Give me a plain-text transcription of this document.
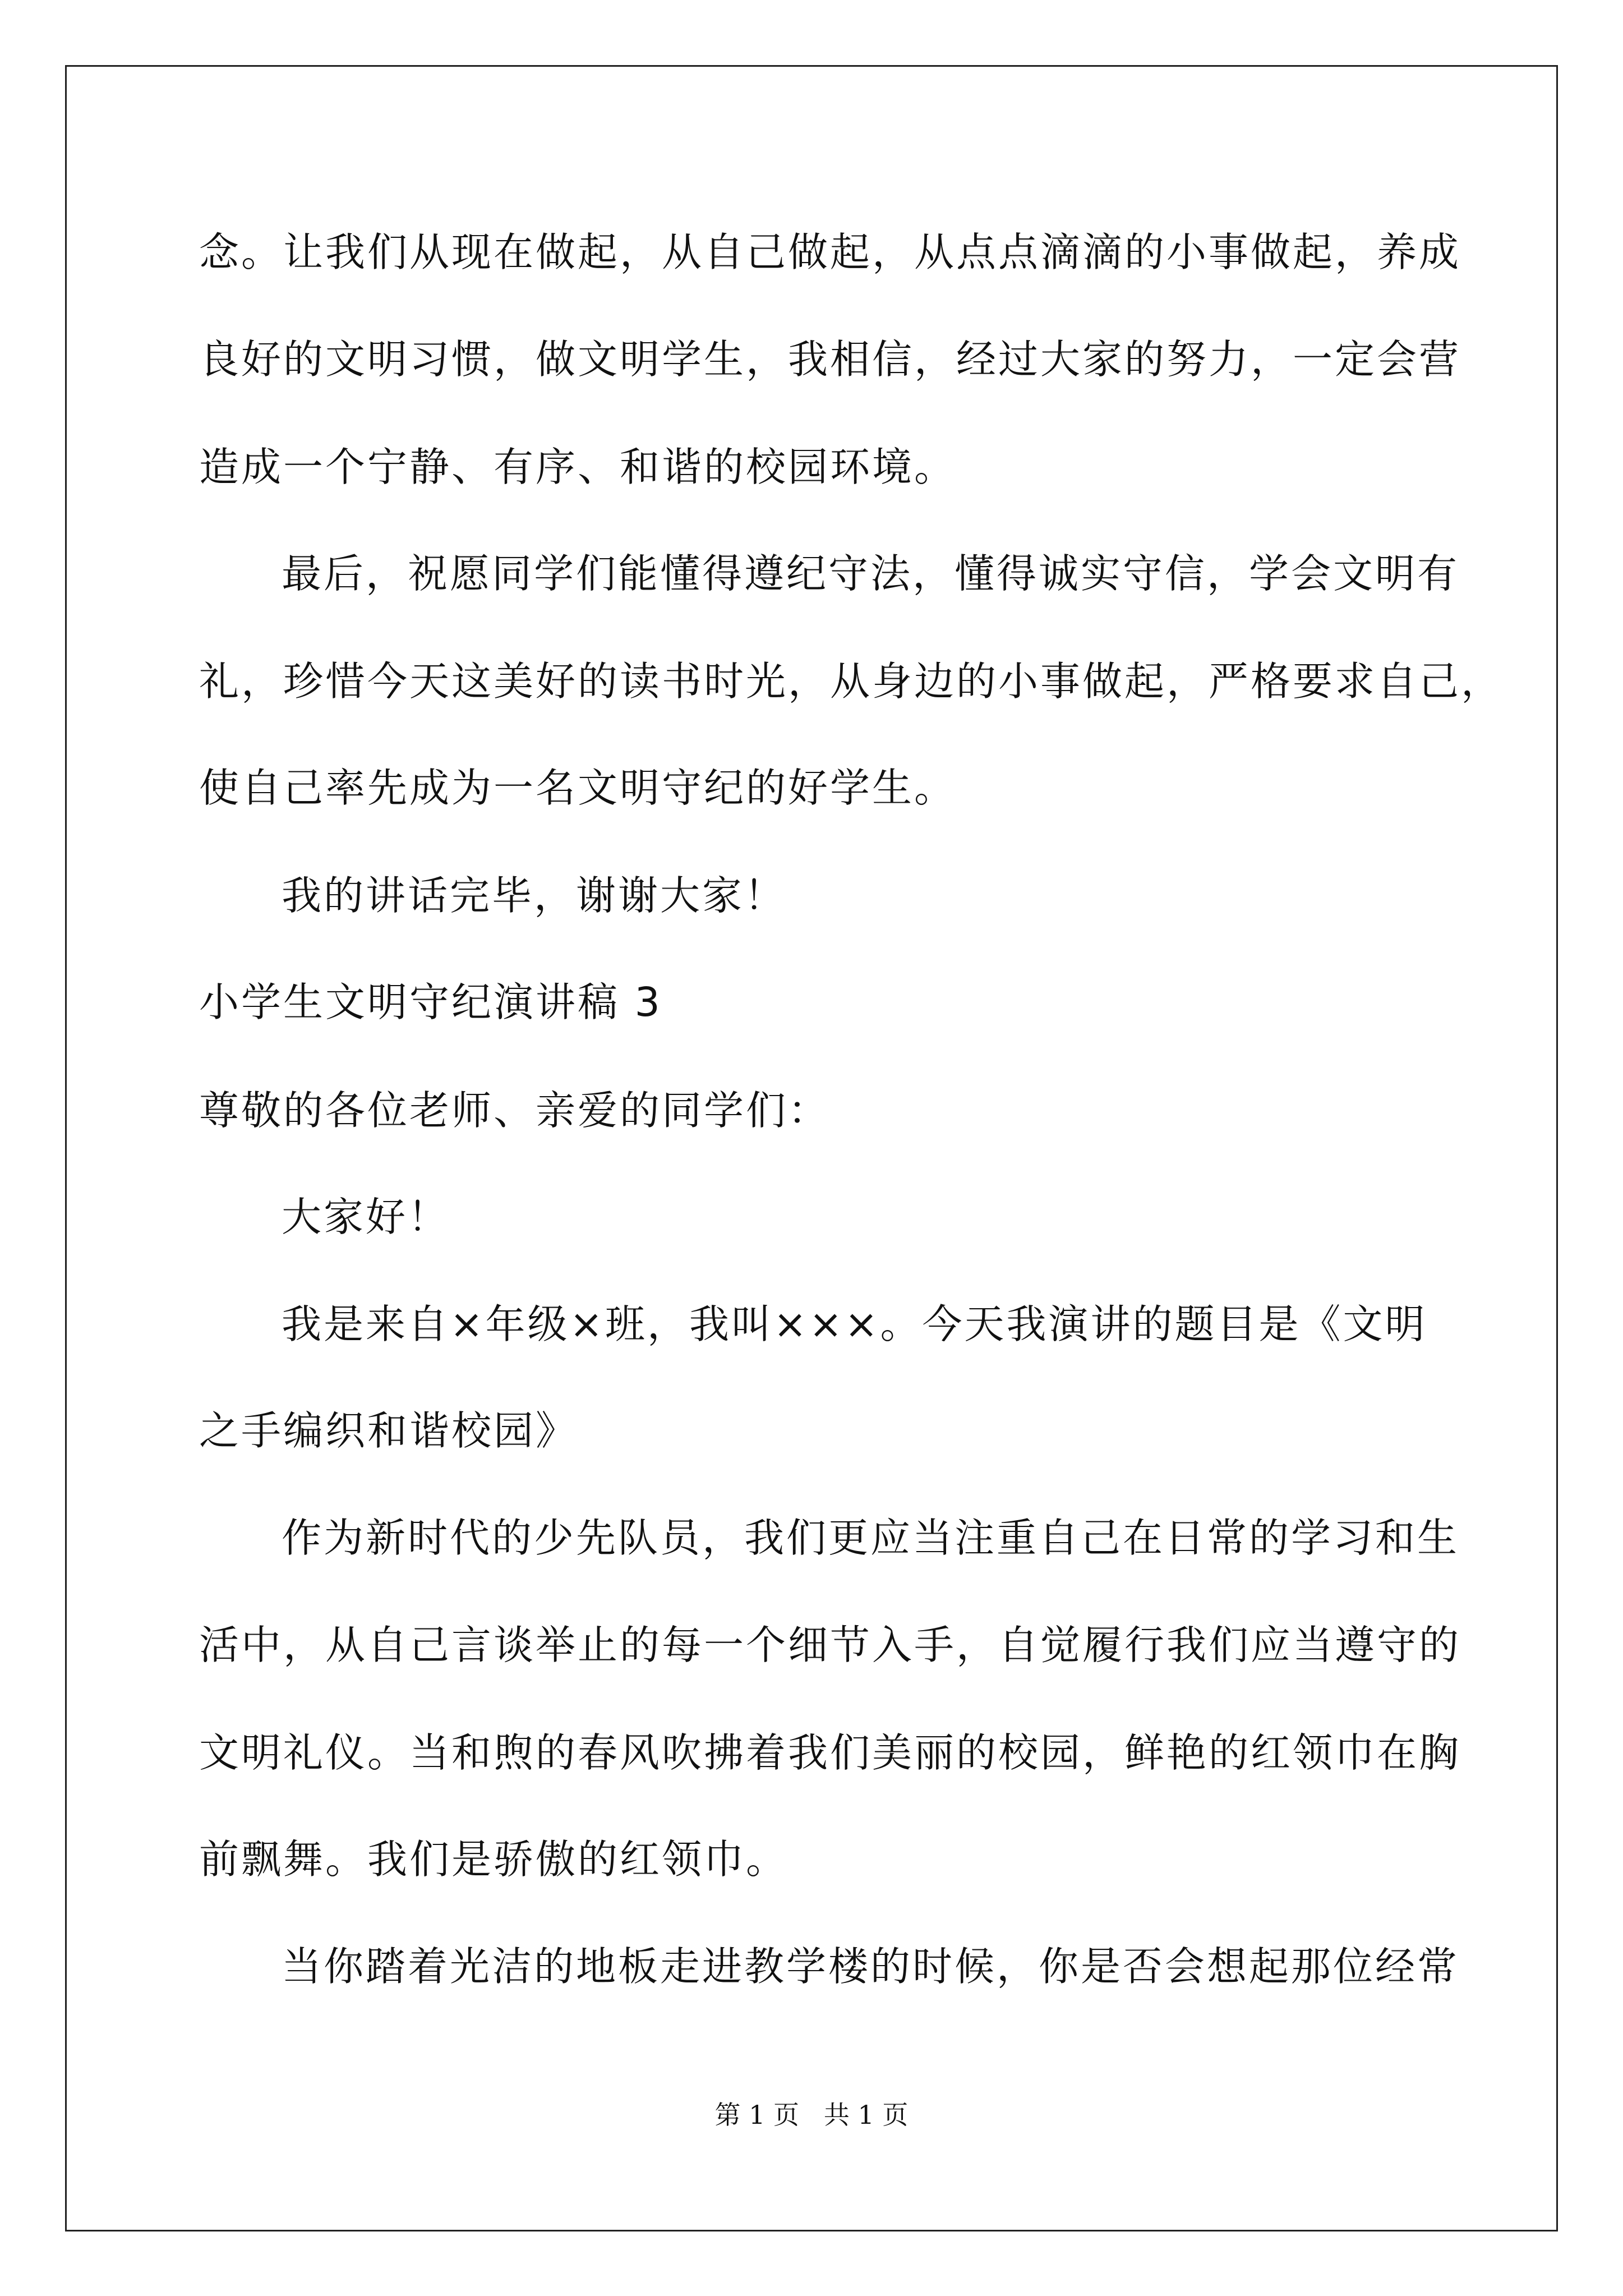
念。让我们从现在做起，从自己做起，从点点滴滴的小事做起，养成
良好的文明习惯，做文明学生，我相信，经过大家的努力，一定会营
造成一个宁静、有序、和谐的校园环境。
最后，祝愿同学们能懂得遵纪守法，懂得诚实守信，学会文明有
礼，珍惜今天这美好的读书时光，从身边的小事做起，严格要求自己，
使自己率先成为一名文明守纪的好学生。
我的讲话完毕，谢谢大家！
小学生文明守纪演讲稿 3
尊敬的各位老师、亲爱的同学们：
大家好！
我是来自×年级×班，我叫×××。今天我演讲的题目是《文明
之手编织和谐校园》
作为新时代的少先队员，我们更应当注重自己在日常的学习和生
活中，从自己言谈举止的每一个细节入手，自觉履行我们应当遵守的
文明礼仪。当和煦的春风吹拂着我们美丽的校园，鲜艳的红领巾在胸
前飘舞。我们是骄傲的红领巾。
当你踏着光洁的地板走进教学楼的时候，你是否会想起那位经常
第 1 页   共 1 页
